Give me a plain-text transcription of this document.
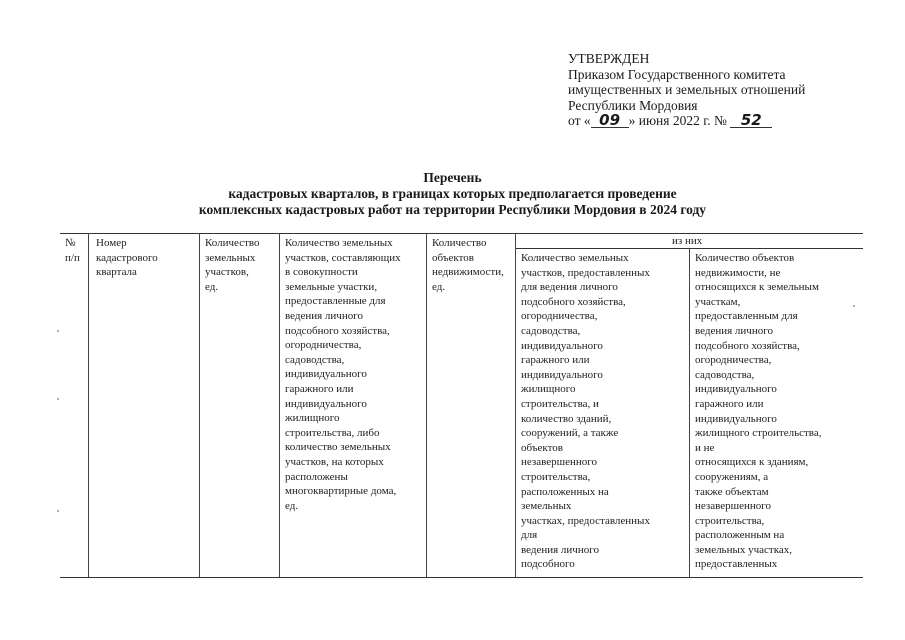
УТВЕРЖДЕН
Приказом Государственного комитета
имущественных и земельных отношений
Республики Мордовия
от « 09 » июня 2022 г. № 52
Перечень
кадастровых кварталов, в границах которых предполагается проведение
комплексных кадастровых работ на территории Республики Мордовия в 2024 году
№
п/п
Номер
кадастрового
квартала
Количество
земельных
участков,
ед.
Количество земельных
участков, составляющих
в совокупности
земельные участки,
предоставленные для
ведения личного
подсобного хозяйства,
огородничества,
садоводства,
индивидуального
гаражного или
индивидуального
жилищного
строительства, либо
количество земельных
участков, на которых
расположены
многоквартирные дома,
ед.
Количество
объектов
недвижимости,
ед.
из них
Количество земельных
участков, предоставленных
для ведения личного
подсобного хозяйства,
огородничества,
садоводства,
индивидуального
гаражного или
индивидуального
жилищного
строительства, и
количество зданий,
сооружений, а также
объектов
незавершенного
строительства,
расположенных на
земельных
участках, предоставленных
для
ведения личного
подсобного
Количество объектов
недвижимости, не
относящихся к земельным
участкам,
предоставленным для
ведения личного
подсобного хозяйства,
огородничества,
садоводства,
индивидуального
гаражного или
индивидуального
жилищного строительства,
и не
относящихся к зданиям,
сооружениям, а
также объектам
незавершенного
строительства,
расположенным на
земельных участках,
предоставленных
